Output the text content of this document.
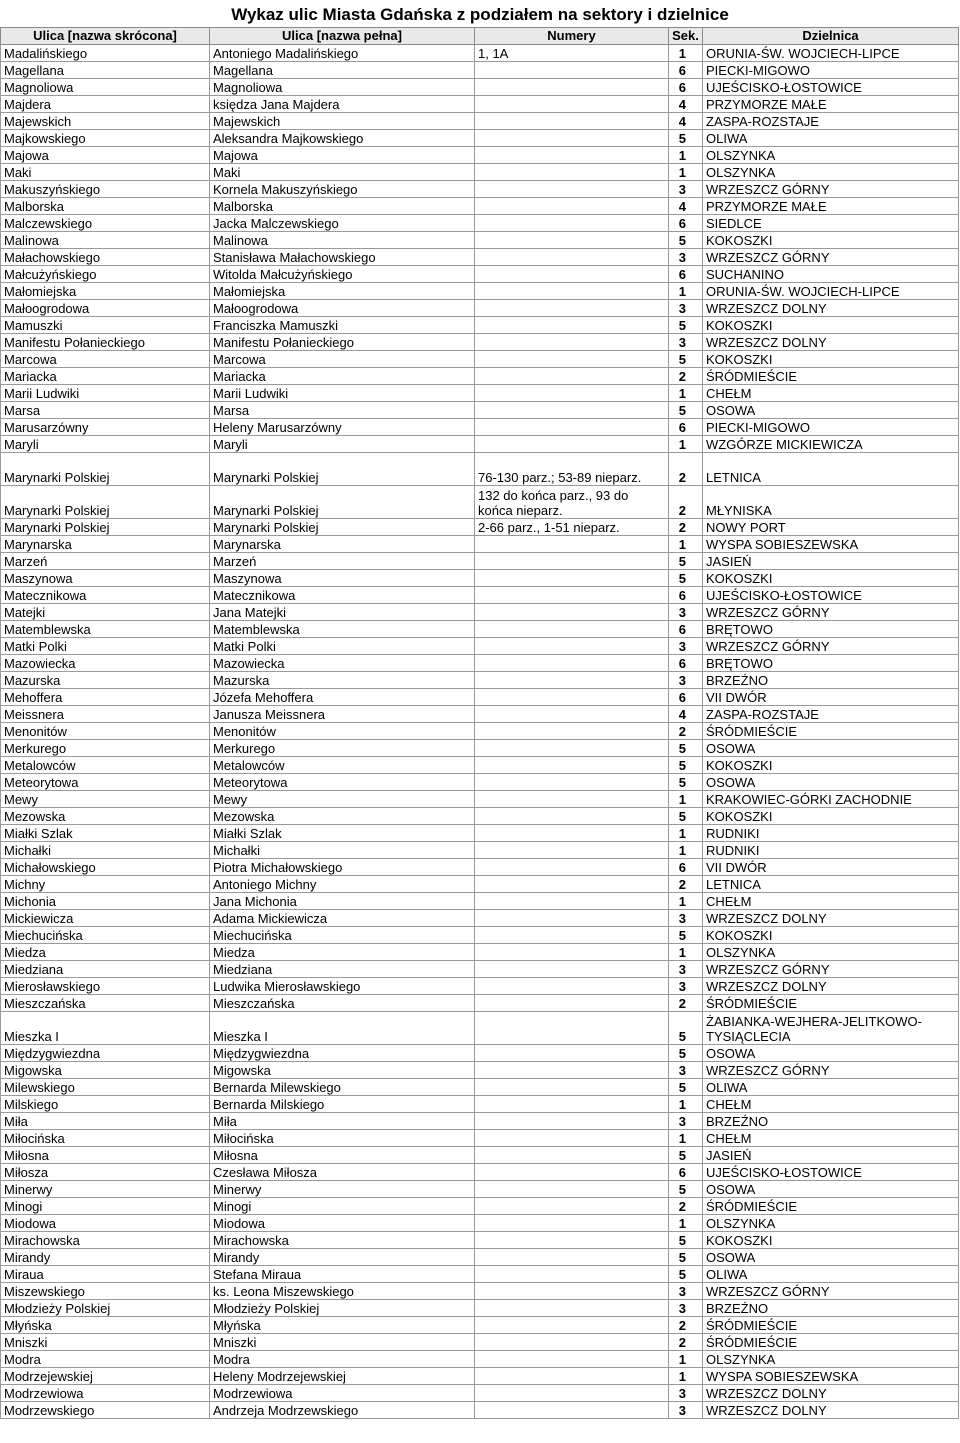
Wykaz ulic Miasta Gdańska z podziałem na sektory i dzielnice
Ulica [nazwa skrócona]	Ulica [nazwa pełna]	Numery	Sek.	Dzielnica
Madalińskiego	Antoniego Madalińskiego	1, 1A	1	ORUNIA-ŚW. WOJCIECH-LIPCE
Magellana	Magellana		6	PIECKI-MIGOWO
Magnoliowa	Magnoliowa		6	UJEŚCISKO-ŁOSTOWICE
Majdera	księdza Jana Majdera		4	PRZYMORZE MAŁE
Majewskich	Majewskich		4	ZASPA-ROZSTAJE
Majkowskiego	Aleksandra Majkowskiego		5	OLIWA
Majowa	Majowa		1	OLSZYNKA
Maki	Maki		1	OLSZYNKA
Makuszyńskiego	Kornela Makuszyńskiego		3	WRZESZCZ GÓRNY
Malborska	Malborska		4	PRZYMORZE MAŁE
Malczewskiego	Jacka Malczewskiego		6	SIEDLCE
Malinowa	Malinowa		5	KOKOSZKI
Małachowskiego	Stanisława Małachowskiego		3	WRZESZCZ GÓRNY
Małcużyńskiego	Witolda Małcużyńskiego		6	SUCHANINO
Małomiejska	Małomiejska		1	ORUNIA-ŚW. WOJCIECH-LIPCE
Małoogrodowa	Małoogrodowa		3	WRZESZCZ DOLNY
Mamuszki	Franciszka Mamuszki		5	KOKOSZKI
Manifestu Połanieckiego	Manifestu Połanieckiego		3	WRZESZCZ DOLNY
Marcowa	Marcowa		5	KOKOSZKI
Mariacka	Mariacka		2	ŚRÓDMIEŚCIE
Marii Ludwiki	Marii Ludwiki		1	CHEŁM
Marsa	Marsa		5	OSOWA
Marusarzówny	Heleny Marusarzówny		6	PIECKI-MIGOWO
Maryli	Maryli		1	WZGÓRZE MICKIEWICZA
Marynarki Polskiej	Marynarki Polskiej	76-130 parz.; 53-89 nieparz.	2	LETNICA
Marynarki Polskiej	Marynarki Polskiej	132 do końca parz., 93 do końca nieparz.	2	MŁYNISKA
Marynarki Polskiej	Marynarki Polskiej	2-66 parz., 1-51 nieparz.	2	NOWY PORT
Marynarska	Marynarska		1	WYSPA SOBIESZEWSKA
Marzeń	Marzeń		5	JASIEŃ
Maszynowa	Maszynowa		5	KOKOSZKI
Matecznikowa	Matecznikowa		6	UJEŚCISKO-ŁOSTOWICE
Matejki	Jana Matejki		3	WRZESZCZ GÓRNY
Matemblewska	Matemblewska		6	BRĘTOWO
Matki Polki	Matki Polki		3	WRZESZCZ GÓRNY
Mazowiecka	Mazowiecka		6	BRĘTOWO
Mazurska	Mazurska		3	BRZEŹNO
Mehoffera	Józefa Mehoffera		6	VII DWÓR
Meissnera	Janusza Meissnera		4	ZASPA-ROZSTAJE
Menonitów	Menonitów		2	ŚRÓDMIEŚCIE
Merkurego	Merkurego		5	OSOWA
Metalowców	Metalowców		5	KOKOSZKI
Meteorytowa	Meteorytowa		5	OSOWA
Mewy	Mewy		1	KRAKOWIEC-GÓRKI ZACHODNIE
Mezowska	Mezowska		5	KOKOSZKI
Miałki Szlak	Miałki Szlak		1	RUDNIKI
Michałki	Michałki		1	RUDNIKI
Michałowskiego	Piotra Michałowskiego		6	VII DWÓR
Michny	Antoniego Michny		2	LETNICA
Michonia	Jana Michonia		1	CHEŁM
Mickiewicza	Adama Mickiewicza		3	WRZESZCZ DOLNY
Miechucińska	Miechucińska		5	KOKOSZKI
Miedza	Miedza		1	OLSZYNKA
Miedziana	Miedziana		3	WRZESZCZ GÓRNY
Mierosławskiego	Ludwika Mierosławskiego		3	WRZESZCZ DOLNY
Mieszczańska	Mieszczańska		2	ŚRÓDMIEŚCIE
Mieszka I	Mieszka I		5	ŻABIANKA-WEJHERA-JELITKOWO-TYSIĄCLECIA
Międzygwiezdna	Międzygwiezdna		5	OSOWA
Migowska	Migowska		3	WRZESZCZ GÓRNY
Milewskiego	Bernarda Milewskiego		5	OLIWA
Milskiego	Bernarda Milskiego		1	CHEŁM
Miła	Miła		3	BRZEŹNO
Miłocińska	Miłocińska		1	CHEŁM
Miłosna	Miłosna		5	JASIEŃ
Miłosza	Czesława Miłosza		6	UJEŚCISKO-ŁOSTOWICE
Minerwy	Minerwy		5	OSOWA
Minogi	Minogi		2	ŚRÓDMIEŚCIE
Miodowa	Miodowa		1	OLSZYNKA
Mirachowska	Mirachowska		5	KOKOSZKI
Mirandy	Mirandy		5	OSOWA
Miraua	Stefana Miraua		5	OLIWA
Miszewskiego	ks. Leona Miszewskiego		3	WRZESZCZ GÓRNY
Młodzieży Polskiej	Młodzieży Polskiej		3	BRZEŹNO
Młyńska	Młyńska		2	ŚRÓDMIEŚCIE
Mniszki	Mniszki		2	ŚRÓDMIEŚCIE
Modra	Modra		1	OLSZYNKA
Modrzejewskiej	Heleny Modrzejewskiej		1	WYSPA SOBIESZEWSKA
Modrzewiowa	Modrzewiowa		3	WRZESZCZ DOLNY
Modrzewskiego	Andrzeja Modrzewskiego		3	WRZESZCZ DOLNY
